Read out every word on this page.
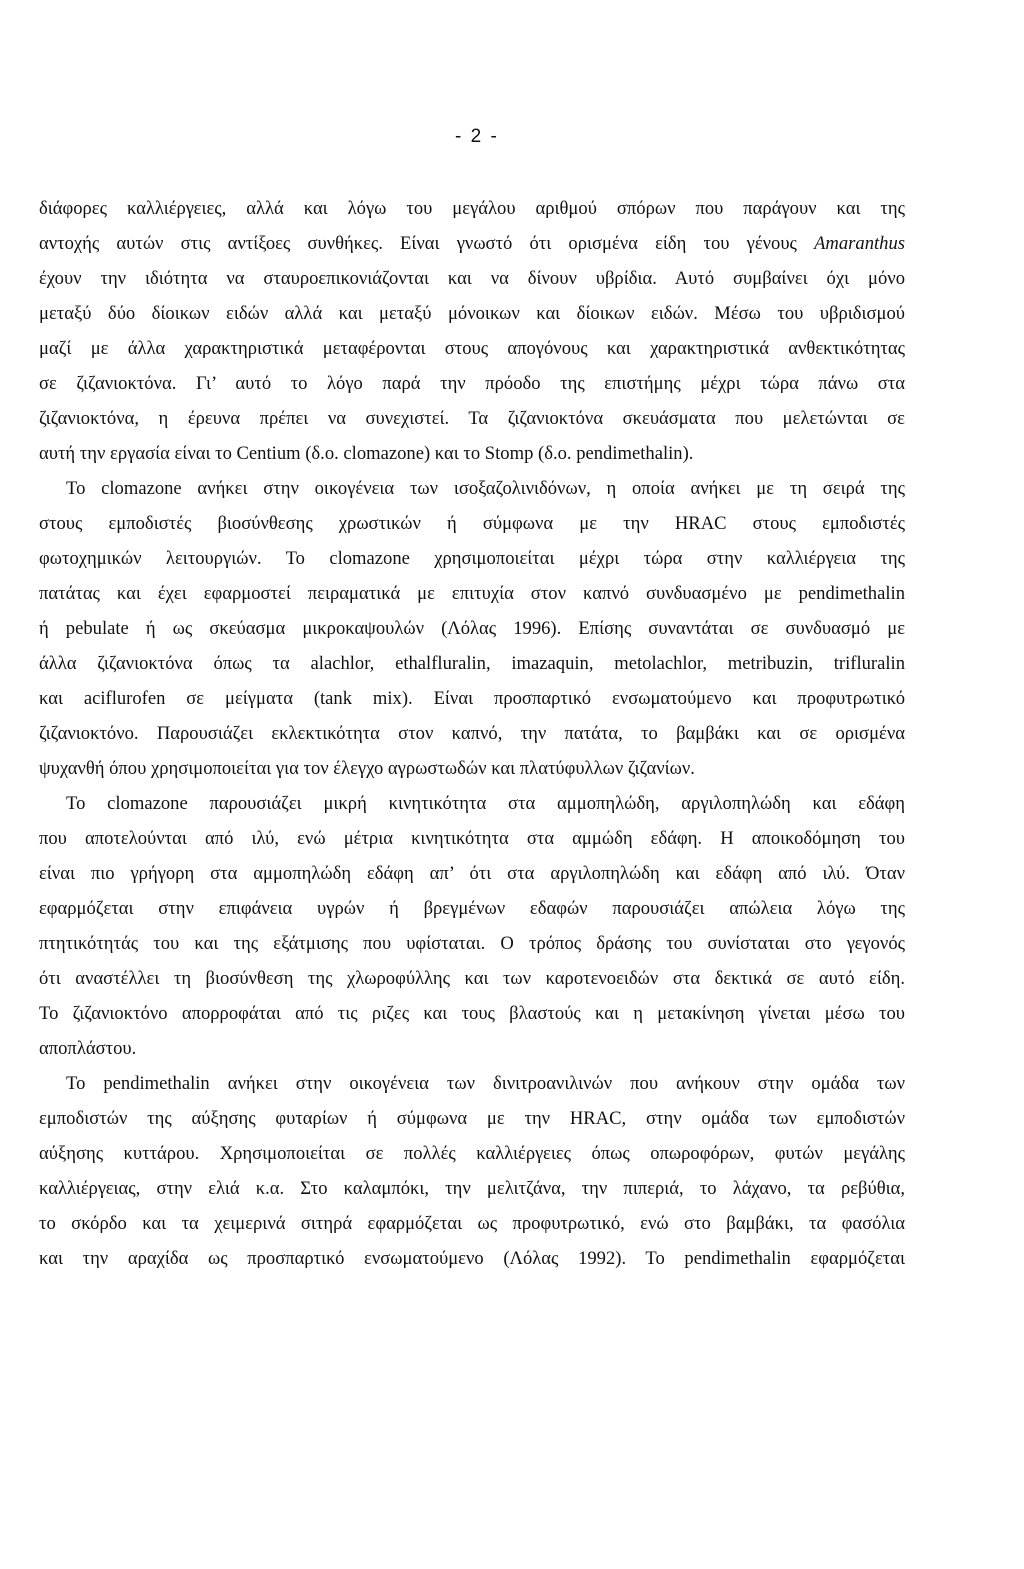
- 2 -
διάφορες καλλιέργειες, αλλά και λόγω του μεγάλου αριθμού σπόρων που παράγουν και της
αντοχής αυτών στις αντίξοες συνθήκες. Είναι γνωστό ότι ορισμένα είδη του γένους Amaranthus
έχουν την ιδιότητα να σταυροεπικονιάζονται και να δίνουν υβρίδια. Αυτό συμβαίνει όχι μόνο
μεταξύ δύο δίοικων ειδών αλλά και μεταξύ μόνοικων και δίοικων ειδών. Μέσω του υβριδισμού
μαζί με άλλα χαρακτηριστικά μεταφέρονται στους απογόνους και χαρακτηριστικά ανθεκτικότητας
σε ζιζανιοκτόνα. Γι’ αυτό το λόγο παρά την πρόοδο της επιστήμης μέχρι τώρα πάνω στα
ζιζανιοκτόνα, η έρευνα πρέπει να συνεχιστεί. Τα ζιζανιοκτόνα σκευάσματα που μελετώνται σε
αυτή την εργασία είναι το Centium (δ.ο. clomazone) και το Stomp (δ.ο. pendimethalin).
Το clomazone ανήκει στην οικογένεια των ισοξαζολινιδόνων, η οποία ανήκει με τη σειρά της
στους εμποδιστές βιοσύνθεσης χρωστικών ή σύμφωνα με την HRAC στους εμποδιστές
φωτοχημικών λειτουργιών. Το clomazone χρησιμοποιείται μέχρι τώρα στην καλλιέργεια της
πατάτας και έχει εφαρμοστεί πειραματικά με επιτυχία στον καπνό συνδυασμένο με pendimethalin
ή pebulate ή ως σκεύασμα μικροκαψουλών (Λόλας 1996). Επίσης συναντάται σε συνδυασμό με
άλλα ζιζανιοκτόνα όπως τα alachlor, ethalfluralin, imazaquin, metolachlor, metribuzin, trifluralin
και aciflurofen σε μείγματα (tank mix). Είναι προσπαρτικό ενσωματούμενο και προφυτρωτικό
ζιζανιοκτόνο. Παρουσιάζει εκλεκτικότητα στον καπνό, την πατάτα, το βαμβάκι και σε ορισμένα
ψυχανθή όπου χρησιμοποιείται για τον έλεγχο αγρωστωδών και πλατύφυλλων ζιζανίων.
Το clomazone παρουσιάζει μικρή κινητικότητα στα αμμοπηλώδη, αργιλοπηλώδη και εδάφη
που αποτελούνται από ιλύ, ενώ μέτρια κινητικότητα στα αμμώδη εδάφη. Η αποικοδόμηση του
είναι πιο γρήγορη στα αμμοπηλώδη εδάφη απ’ ότι στα αργιλοπηλώδη και εδάφη από ιλύ. Όταν
εφαρμόζεται στην επιφάνεια υγρών ή βρεγμένων εδαφών παρουσιάζει απώλεια λόγω της
πτητικότητάς του και της εξάτμισης που υφίσταται. Ο τρόπος δράσης του συνίσταται στο γεγονός
ότι αναστέλλει τη βιοσύνθεση της χλωροφύλλης και των καροτενοειδών στα δεκτικά σε αυτό είδη.
Το ζιζανιοκτόνο απορροφάται από τις ριζες και τους βλαστούς και η μετακίνηση γίνεται μέσω του
αποπλάστου.
Το pendimethalin ανήκει στην οικογένεια των δινιτροανιλινών που ανήκουν στην ομάδα των
εμποδιστών της αύξησης φυταρίων ή σύμφωνα με την HRAC, στην ομάδα των εμποδιστών
αύξησης κυττάρου. Χρησιμοποιείται σε πολλές καλλιέργειες όπως οπωροφόρων, φυτών μεγάλης
καλλιέργειας, στην ελιά κ.α. Στο καλαμπόκι, την μελιτζάνα, την πιπεριά, το λάχανο, τα ρεβύθια,
το σκόρδο και τα χειμερινά σιτηρά εφαρμόζεται ως προφυτρωτικό, ενώ στο βαμβάκι, τα φασόλια
και την αραχίδα ως προσπαρτικό ενσωματούμενο (Λόλας 1992). Το pendimethalin εφαρμόζεται
